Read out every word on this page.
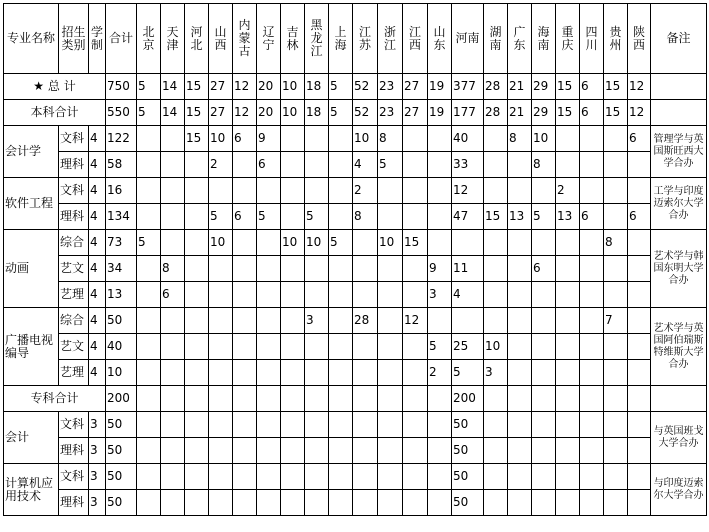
专业名称	招生类别	学制	合计	北京	天津	河北	山西	内蒙古	辽宁	吉林	黑龙江	上海	江苏	浙江	江西	山东	河南	湖南	广东	海南	重庆	四川	贵州	陕西	备注
★ 总 计			750	5	14	15	27	12	20	10	18	5	52	23	27	19	377	28	21	29	15	6	15	12	
本科合计			550	5	14	15	27	12	20	10	18	5	52	23	27	19	177	28	21	29	15	6	15	12	
会计学	文科	4	122			15	10	6	9				10	8			40		8	10				6	管理学与英国斯旺西大学合办
	理科	4	58				2		6				4	5			33			8					
软件工程	文科	4	16										2				12				2				工学与印度迈索尔大学合办
	理科	4	134				5	6	5		5		8				47	15	13	5	13	6		6	
动画	综合	4	73	5			10			10	10	5		10	15								8		艺术学与韩国东明大学合办
	艺文	4	34		8											9	11			6					
	艺理	4	13		6											3	4								
广播电视编导	综合	4	50								3		28		12								7		艺术学与英国阿伯瑞斯特维斯大学合办
	艺文	4	40													5	25	10							
	艺理	4	10													2	5	3							
专科合计			200														200								
会计	文科	3	50														50								与英国班戈大学合办
	理科	3	50														50								
计算机应用技术	文科	3	50														50								与印度迈索尔大学合办
	理科	3	50														50								
